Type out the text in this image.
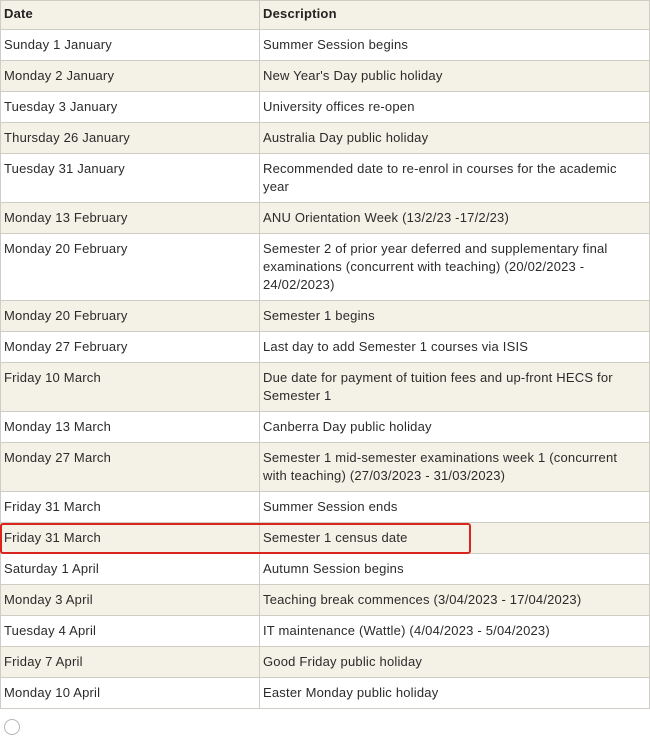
Date	Description
Sunday 1 January	Summer Session begins
Monday 2 January	New Year's Day public holiday
Tuesday 3 January	University offices re-open
Thursday 26 January	Australia Day public holiday
Tuesday 31 January	Recommended date to re-enrol in courses for the academic year
Monday 13 February	ANU Orientation Week (13/2/23 -17/2/23)
Monday 20 February	Semester 2 of prior year deferred and supplementary final examinations (concurrent with teaching) (20/02/2023 - 24/02/2023)
Monday 20 February	Semester 1 begins
Monday 27 February	Last day to add Semester 1 courses via ISIS
Friday 10 March	Due date for payment of tuition fees and up-front HECS for Semester 1
Monday 13 March	Canberra Day public holiday
Monday 27 March	Semester 1 mid-semester examinations week 1 (concurrent with teaching) (27/03/2023 - 31/03/2023)
Friday 31 March	Summer Session ends
Friday 31 March	Semester 1 census date
Saturday 1 April	Autumn Session begins
Monday 3 April	Teaching break commences (3/04/2023 - 17/04/2023)
Tuesday 4 April	IT maintenance (Wattle) (4/04/2023 - 5/04/2023)
Friday 7 April	Good Friday public holiday
Monday 10 April	Easter Monday public holiday
